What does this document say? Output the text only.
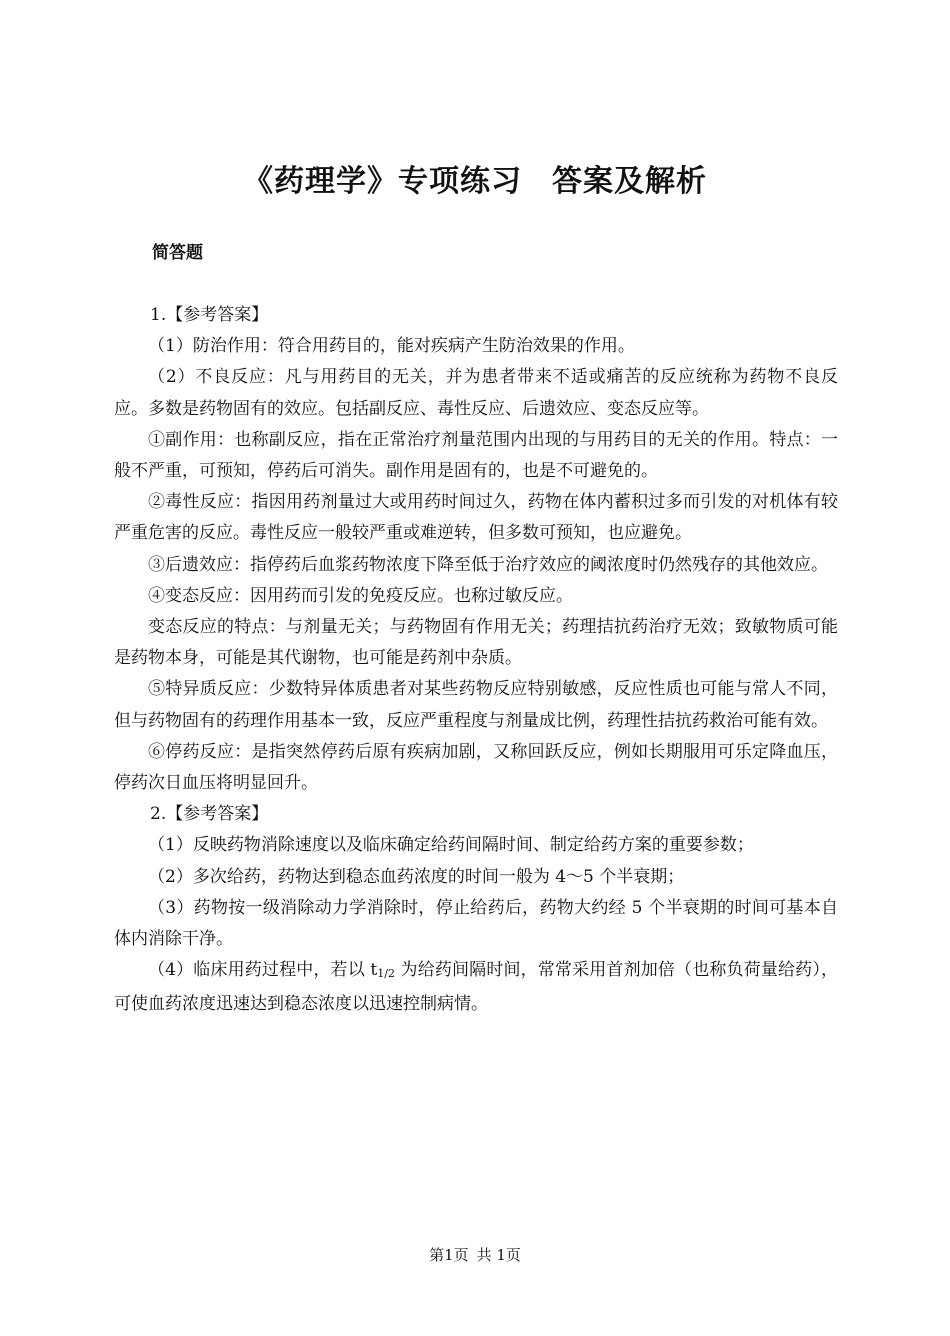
《药理学》专项练习 答案及解析
简答题

1.【参考答案】

（1）防治作用：符合用药目的，能对疾病产生防治效果的作用。

（2）不良反应：凡与用药目的无关，并为患者带来不适或痛苦的反应统称为药物不良反应。多数是药物固有的效应。包括副反应、毒性反应、后遗效应、变态反应等。

①副作用：也称副反应，指在正常治疗剂量范围内出现的与用药目的无关的作用。特点：一般不严重，可预知，停药后可消失。副作用是固有的，也是不可避免的。

②毒性反应：指因用药剂量过大或用药时间过久，药物在体内蓄积过多而引发的对机体有较严重危害的反应。毒性反应一般较严重或难逆转，但多数可预知，也应避免。

③后遗效应：指停药后血浆药物浓度下降至低于治疗效应的阈浓度时仍然残存的其他效应。

④变态反应：因用药而引发的免疫反应。也称过敏反应。

变态反应的特点：与剂量无关；与药物固有作用无关；药理拮抗药治疗无效；致敏物质可能是药物本身，可能是其代谢物，也可能是药剂中杂质。

⑤特异质反应：少数特异体质患者对某些药物反应特别敏感，反应性质也可能与常人不同，但与药物固有的药理作用基本一致，反应严重程度与剂量成比例，药理性拮抗药救治可能有效。

⑥停药反应：是指突然停药后原有疾病加剧，又称回跃反应，例如长期服用可乐定降血压，停药次日血压将明显回升。

2.【参考答案】

（1）反映药物消除速度以及临床确定给药间隔时间、制定给药方案的重要参数；

（2）多次给药，药物达到稳态血药浓度的时间一般为 4～5 个半衰期；

（3）药物按一级消除动力学消除时，停止给药后，药物大约经 5 个半衰期的时间可基本自体内消除干净。

（4）临床用药过程中，若以 t1/2 为给药间隔时间，常常采用首剂加倍（也称负荷量给药），可使血药浓度迅速达到稳态浓度以迅速控制病情。

第1页 共 1页
